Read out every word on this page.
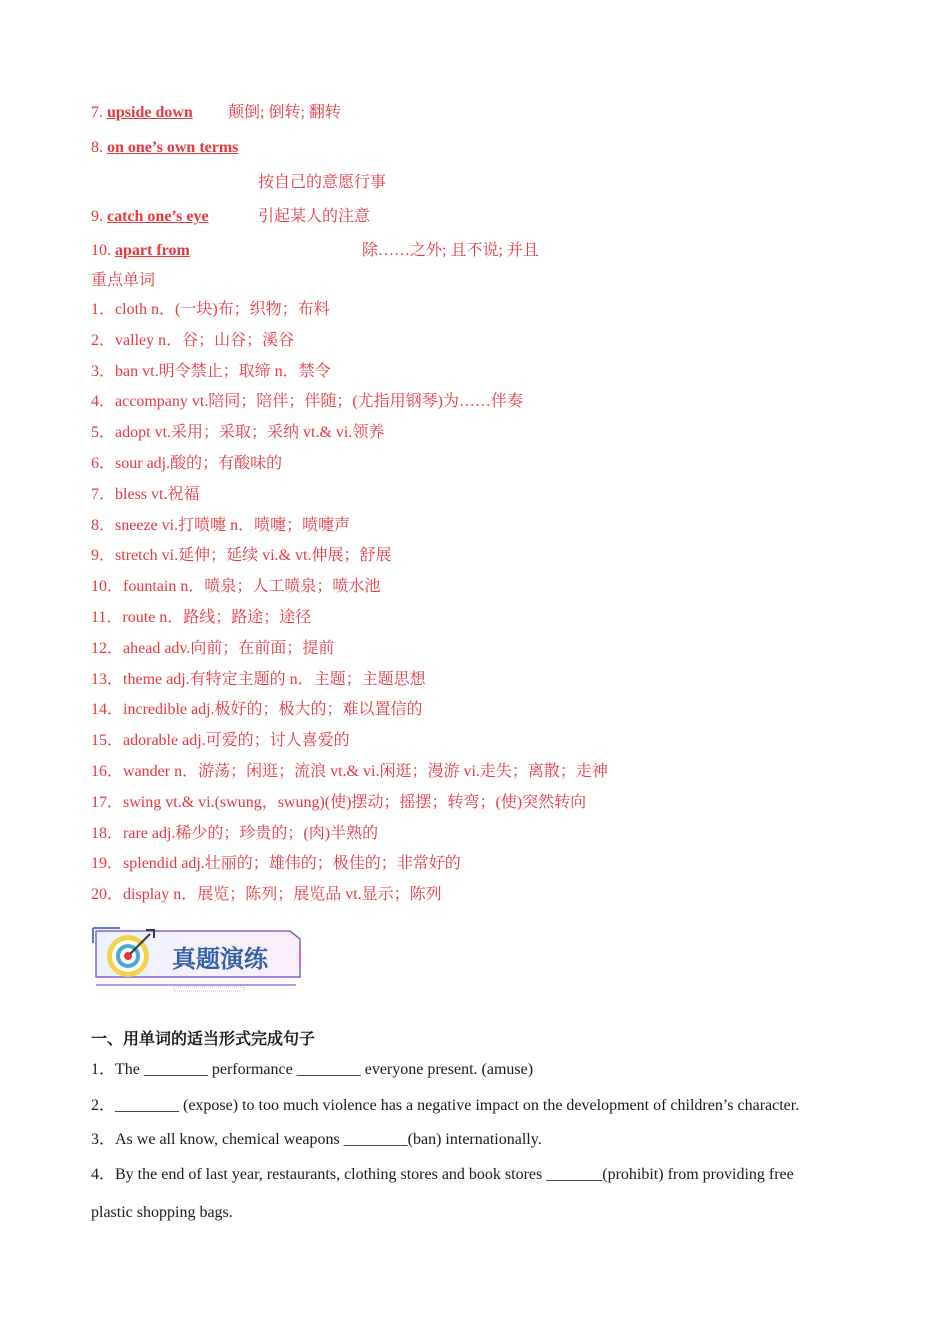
7. upside down 颠倒; 倒转; 翻转
8. on one’s own terms
按自己的意愿行事
9. catch one’s eye	引起某人的注意
10. apart from	除……之外; 且不说; 并且
重点单词
1．cloth n．(一块)布；织物；布料
2．valley n．谷；山谷；溪谷
3．ban vt.明令禁止；取缔 n．禁令
4．accompany vt.陪同；陪伴；伴随；(尤指用钢琴)为……伴奏
5．adopt vt.采用；采取；采纳 vt.& vi.领养
6．sour adj.酸的；有酸味的
7．bless vt.祝福
8．sneeze vi.打喷嚏 n．喷嚏；喷嚏声
9．stretch vi.延伸；延续 vi.& vt.伸展；舒展
10．fountain n．喷泉；人工喷泉；喷水池
11．route n．路线；路途；途径
12．ahead adv.向前；在前面；提前
13．theme adj.有特定主题的 n．主题；主题思想
14．incredible adj.极好的；极大的；难以置信的
15．adorable adj.可爱的；讨人喜爱的
16．wander n．游荡；闲逛；流浪 vt.& vi.闲逛；漫游 vi.走失；离散；走神
17．swing vt.& vi.(swung，swung)(使)摆动；摇摆；转弯；(使)突然转向
18．rare adj.稀少的；珍贵的；(肉)半熟的
19．splendid adj.壮丽的；雄伟的；极佳的；非常好的
20．display n．展览；陈列；展览品 vt.显示；陈列
真题演练
一、用单词的适当形式完成句子
1．The ________ performance ________ everyone present. (amuse)
2．________ (expose) to too much violence has a negative impact on the development of children’s character.
3．As we all know, chemical weapons ________(ban) internationally.
4．By the end of last year, restaurants, clothing stores and book stores _______(prohibit) from providing free
plastic shopping bags.
